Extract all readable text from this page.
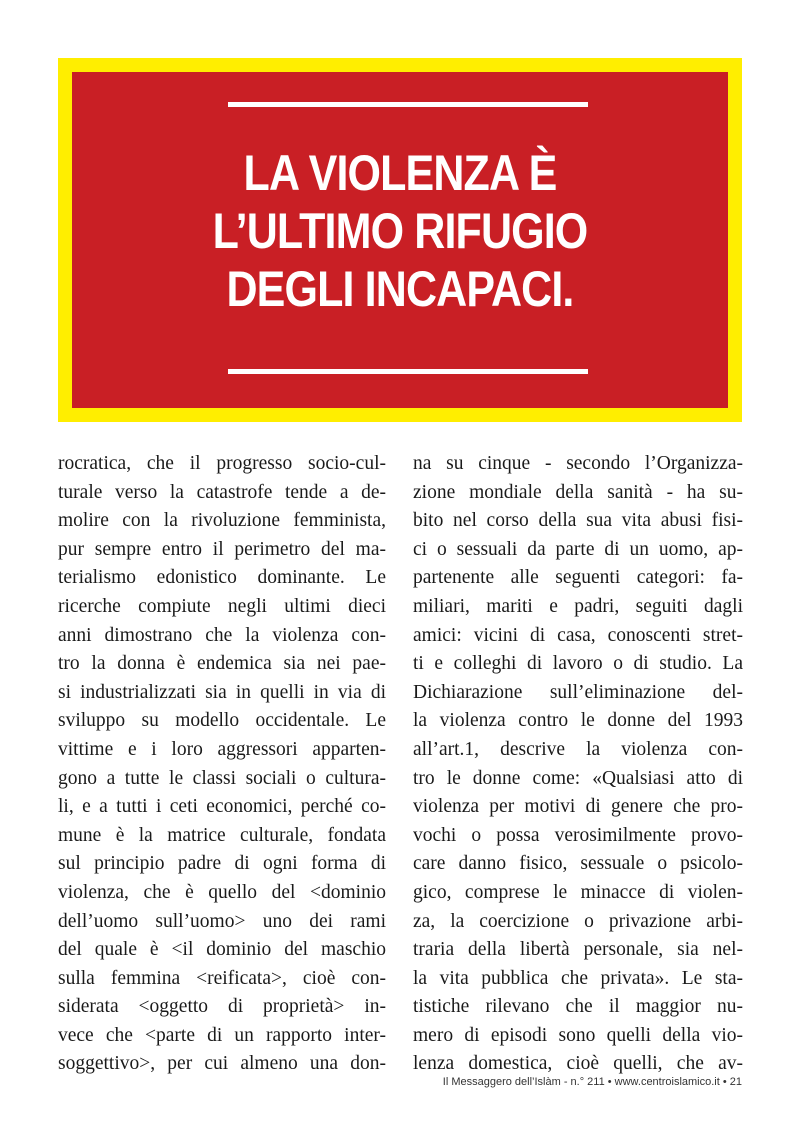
LA VIOLENZA È
L’ULTIMO RIFUGIO
DEGLI INCAPACI.
rocratica, che il progresso socio-cul-
turale verso la catastrofe tende a de-
molire con la rivoluzione femminista,
pur sempre entro il perimetro del ma-
terialismo edonistico dominante. Le
ricerche compiute negli ultimi dieci
anni dimostrano che la violenza con-
tro la donna è endemica sia nei pae-
si industrializzati sia in quelli in via di
sviluppo su modello occidentale. Le
vittime e i loro aggressori apparten-
gono a tutte le classi sociali o cultura-
li, e a tutti i ceti economici, perché co-
mune è la matrice culturale, fondata
sul principio padre di ogni forma di
violenza, che è quello del <dominio
dell’uomo sull’uomo> uno dei rami
del quale è <il dominio del maschio
sulla femmina <reificata>, cioè con-
siderata <oggetto di proprietà> in-
vece che <parte di un rapporto inter-
soggettivo>, per cui almeno una don-
na su cinque - secondo l’Organizza-
zione mondiale della sanità - ha su-
bito nel corso della sua vita abusi fisi-
ci o sessuali da parte di un uomo, ap-
partenente alle seguenti categori: fa-
miliari, mariti e padri, seguiti dagli
amici: vicini di casa, conoscenti stret-
ti e colleghi di lavoro o di studio. La
Dichiarazione sull’eliminazione del-
la violenza contro le donne del 1993
all’art.1, descrive la violenza con-
tro le donne come: «Qualsiasi atto di
violenza per motivi di genere che pro-
vochi o possa verosimilmente provo-
care danno fisico, sessuale o psicolo-
gico, comprese le minacce di violen-
za, la coercizione o privazione arbi-
traria della libertà personale, sia nel-
la vita pubblica che privata». Le sta-
tistiche rilevano che il maggior nu-
mero di episodi sono quelli della vio-
lenza domestica, cioè quelli, che av-
Il Messaggero dell’Islàm - n.° 211 • www.centroislamico.it • 21
